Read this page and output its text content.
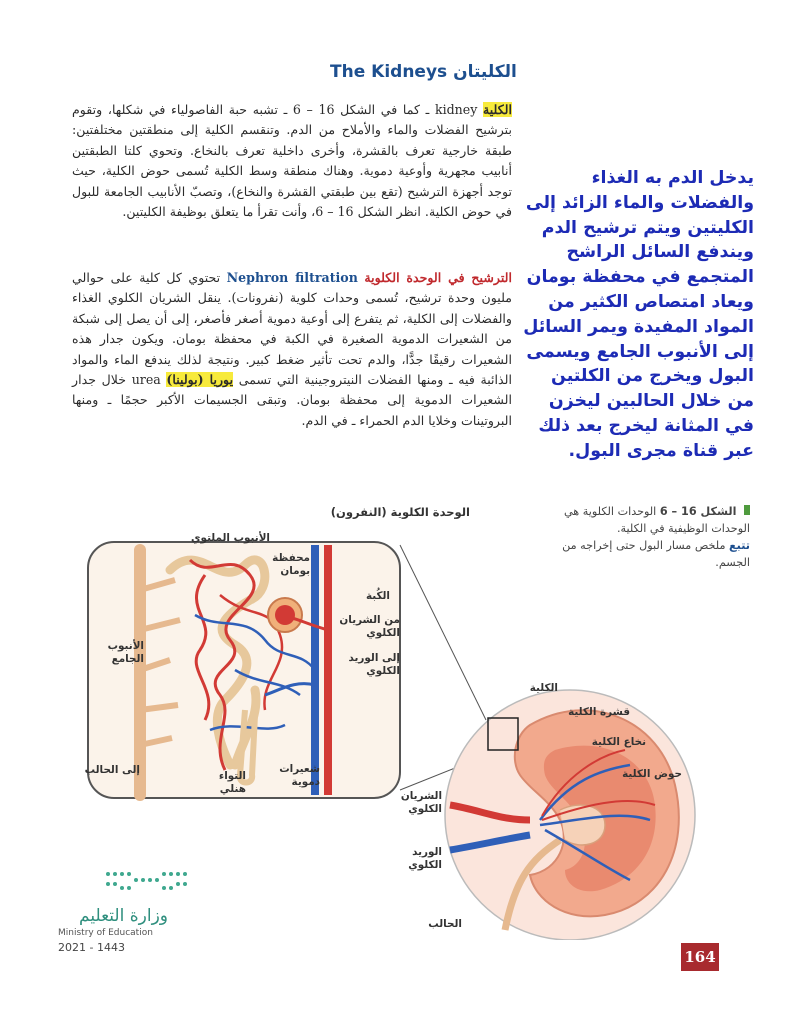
The Kidneys الكليتان
الكلية kidney ـ كما في الشكل 16 – 6 ـ تشبه حبة الفاصولياء في شكلها، وتقوم بترشيح الفضلات والماء والأملاح من الدم. وتنقسم الكلية إلى منطقتين مختلفتين: طبقة خارجية تعرف بالقشرة، وأخرى داخلية تعرف بالنخاع. وتحوي كلتا الطبقتين أنابيب مجهرية وأوعية دموية. وهناك منطقة وسط الكلية تُسمى حوض الكلية، حيث توجد أجهزة الترشيح (تقع بين طبقتي القشرة والنخاع)، وتصبّ الأنابيب الجامعة للبول في حوض الكلية. انظر الشكل 16 – 6، وأنت تقرأ ما يتعلق بوظيفة الكليتين.
الترشيح في الوحدة الكلوية Nephron filtration تحتوي كل كلية على حوالي مليون وحدة ترشيح، تُسمى وحدات كلوية (نفرونات). ينقل الشريان الكلوي الغذاء والفضلات إلى الكلية، ثم يتفرع إلى أوعية دموية أصغر فأصغر، إلى أن يصل إلى شبكة من الشعيرات الدموية الصغيرة في الكبة في محفظة بومان. ويكون جدار هذه الشعيرات رقيقًا جدًّا، والدم تحت تأثير ضغط كبير. ونتيجة لذلك يندفع الماء والمواد الذائبة فيه ـ ومنها الفضلات النيتروجينية التي تسمى يوريا (بولينا) urea خلال جدار الشعيرات الدموية إلى محفظة بومان. وتبقى الجسيمات الأكبر حجمًا ـ ومنها البروتينات وخلايا الدم الحمراء ـ في الدم.
يدخل الدم به الغذاء والفضلات والماء الزائد إلى الكليتين ويتم ترشيح الدم ويندفع السائل الراشح المتجمع في محفظة بومان ويعاد امتصاص الكثير من المواد المفيدة ويمر السائل إلى الأنبوب الجامع ويسمى البول ويخرج من الكلتين من خلال الحالبين ليخزن في المثانة ليخرج بعد ذلك عبر قناة مجرى البول.
الشكل 16 – 6 الوحدات الكلوية هي الوحدات الوظيفية في الكلية.
تتبع ملخص مسار البول حتى إخراجه من الجسم.
الوحدة الكلوية (النفرون)
الأنبوب الملتوي
محفظة
بومان
الكُبة
من الشريان
الكلوي
إلى الوريد
الكلوي
الأنبوب
الجامع
إلى الحالب	التواء
هنلي
شعيرات
دموية
الكلية
قشرة الكلية
نخاع الكلية
حوض الكلية
الشريان
الكلوي
الوريد
الكلوي
الحالب
وزارة التعليم
Ministry of Education
2021 - 1443
164
